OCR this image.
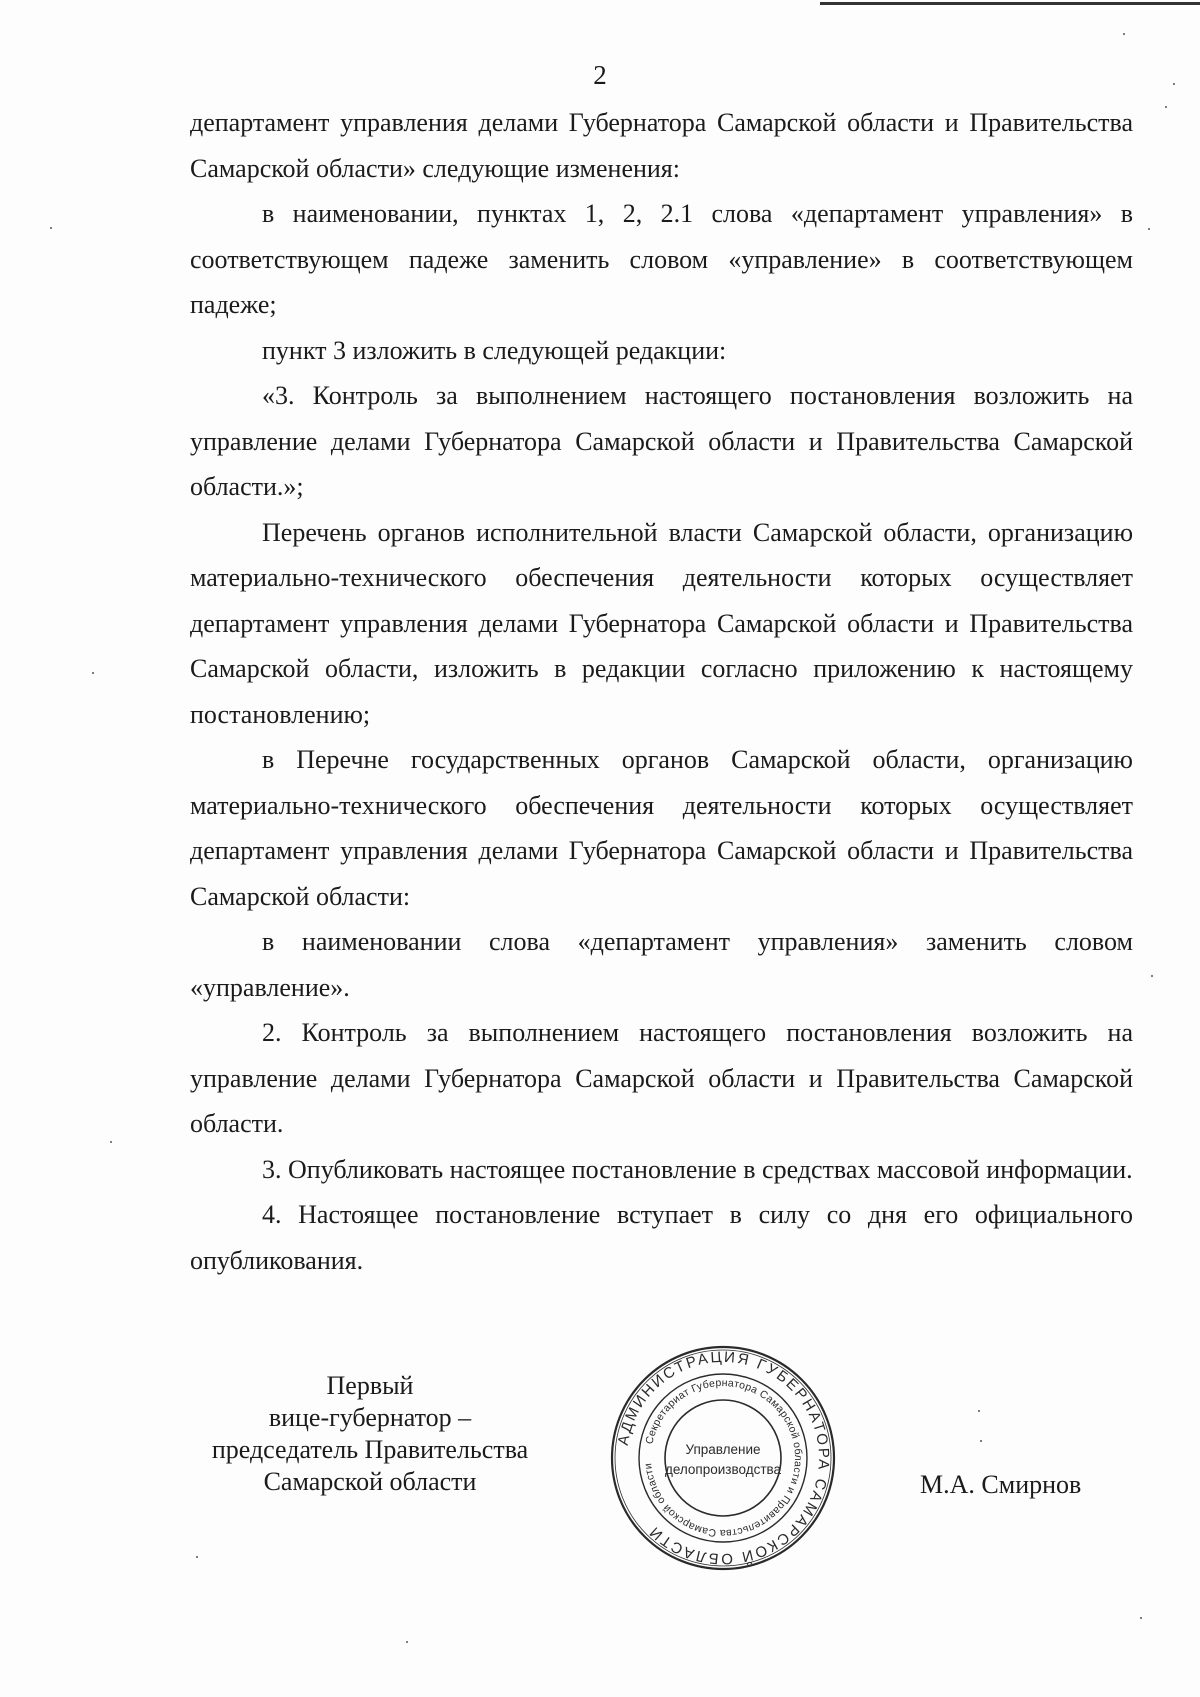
2

департамент управления делами Губернатора Самарской области и Правительства Самарской области» следующие изменения:

в наименовании, пунктах 1, 2, 2.1 слова «департамент управления» в соответствующем падеже заменить словом «управление» в соответствующем падеже;

пункт 3 изложить в следующей редакции:

«3. Контроль за выполнением настоящего постановления возложить на управление делами Губернатора Самарской области и Правительства Самарской области.»;

Перечень органов исполнительной власти Самарской области, организацию материально-технического обеспечения деятельности которых осуществляет департамент управления делами Губернатора Самарской области и Правительства Самарской области, изложить в редакции согласно приложению к настоящему постановлению;

в Перечне государственных органов Самарской области, организацию материально-технического обеспечения деятельности которых осуществляет департамент управления делами Губернатора Самарской области и Правительства Самарской области:

в наименовании слова «департамент управления» заменить словом «управление».

2. Контроль за выполнением настоящего постановления возложить на управление делами Губернатора Самарской области и Правительства Самарской области.

3. Опубликовать настоящее постановление в средствах массовой информации.

4. Настоящее постановление вступает в силу со дня его официального опубликования.

Первый
вице-губернатор –
председатель Правительства
Самарской области
АДМИНИСТРАЦИЯ ГУБЕРНАТОРА САМАРСКОЙ ОБЛАСТИ
Секретариат Губернатора Самарской области и Правительства Самарской области
Управление
делопроизводства
М.А. Смирнов
